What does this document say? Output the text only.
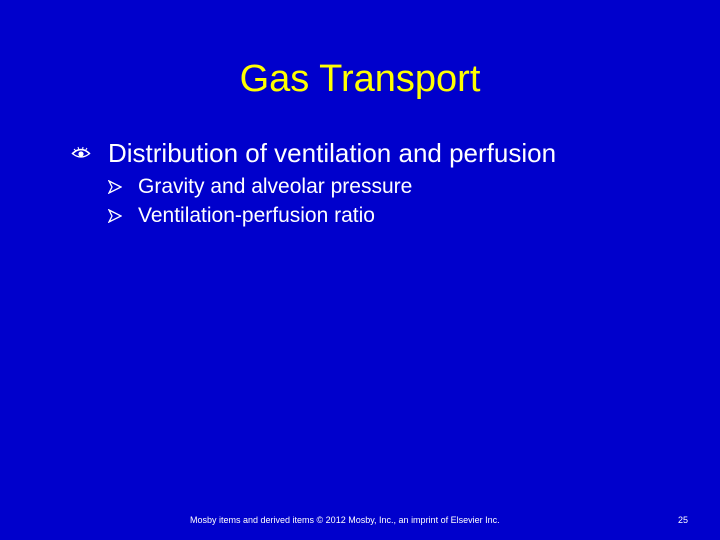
Gas Transport
Distribution of ventilation and perfusion
Gravity and alveolar pressure
Ventilation-perfusion ratio
Mosby items and derived items © 2012 Mosby, Inc., an imprint of Elsevier Inc.	25
